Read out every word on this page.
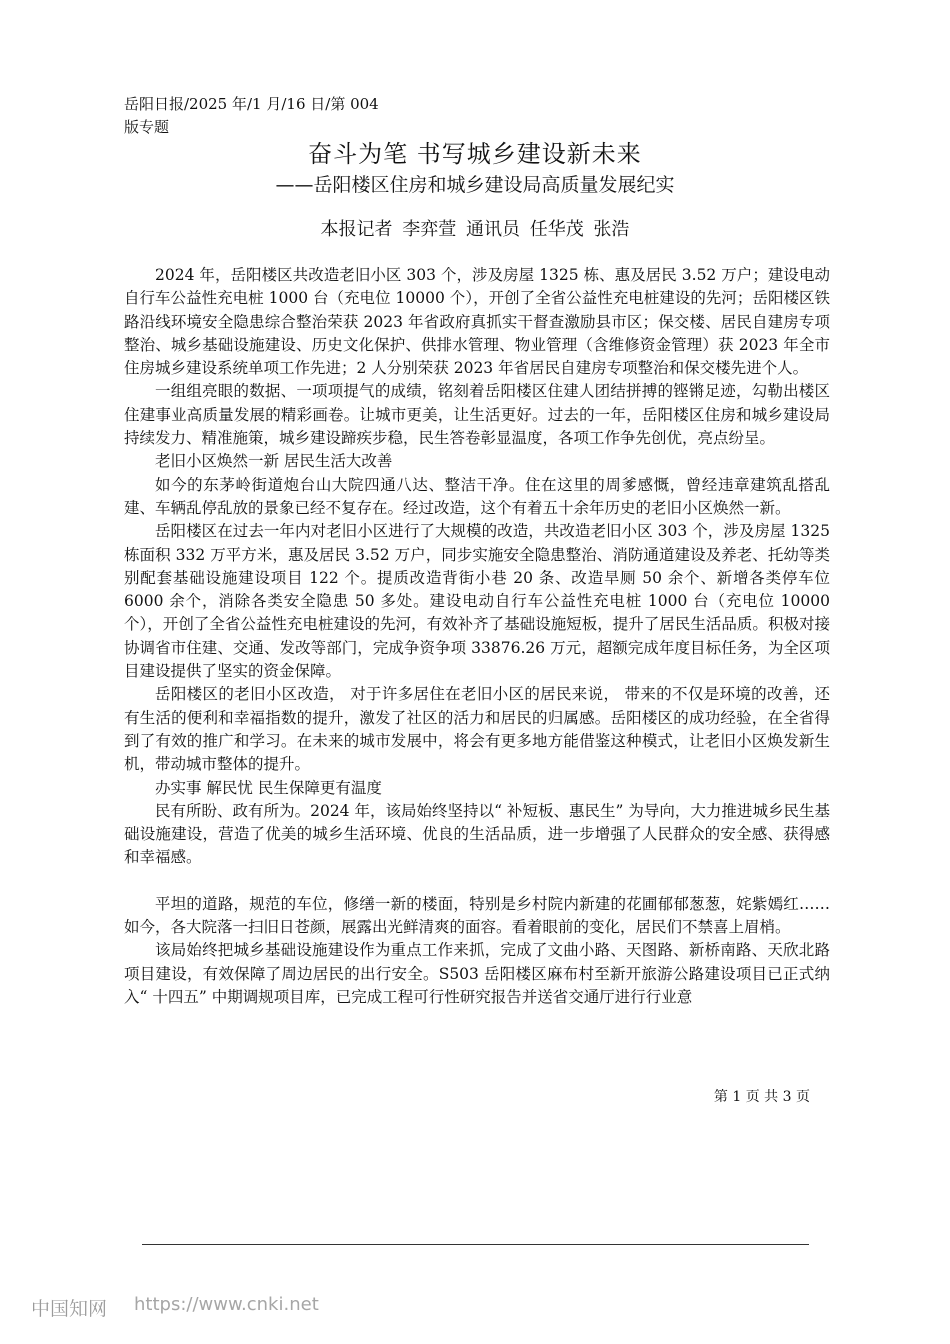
岳阳日报/2025 年/1 月/16 日/第 004 版专题
奋斗为笔 书写城乡建设新未来
——岳阳楼区住房和城乡建设局高质量发展纪实
本报记者 李弈萱 通讯员 任华茂 张浩

2024 年，岳阳楼区共改造老旧小区 303 个，涉及房屋 1325 栋、惠及居民 3.52 万户；建设电动自行车公益性充电桩 1000 台（充电位 10000 个），开创了全省公益性充电桩建设的先河；岳阳楼区铁路沿线环境安全隐患综合整治荣获 2023 年省政府真抓实干督查激励县市区；保交楼、居民自建房专项整治、城乡基础设施建设、历史文化保护、供排水管理、物业管理（含维修资金管理）获 2023 年全市住房城乡建设系统单项工作先进；2 人分别荣获 2023 年省居民自建房专项整治和保交楼先进个人。

一组组亮眼的数据、一项项提气的成绩，铭刻着岳阳楼区住建人团结拼搏的铿锵足迹，勾勒出楼区住建事业高质量发展的精彩画卷。让城市更美，让生活更好。过去的一年，岳阳楼区住房和城乡建设局持续发力、精准施策，城乡建设蹄疾步稳，民生答卷彰显温度，各项工作争先创优，亮点纷呈。

老旧小区焕然一新 居民生活大改善

如今的东茅岭街道炮台山大院四通八达、整洁干净。住在这里的周爹感慨，曾经违章建筑乱搭乱建、车辆乱停乱放的景象已经不复存在。经过改造，这个有着五十余年历史的老旧小区焕然一新。

岳阳楼区在过去一年内对老旧小区进行了大规模的改造，共改造老旧小区 303 个，涉及房屋 1325 栋面积 332 万平方米，惠及居民 3.52 万户，同步实施安全隐患整治、消防通道建设及养老、托幼等类别配套基础设施建设项目 122 个。提质改造背街小巷 20 条、改造旱厕 50 余个、新增各类停车位 6000 余个，消除各类安全隐患 50 多处。建设电动自行车公益性充电桩 1000 台（充电位 10000 个），开创了全省公益性充电桩建设的先河，有效补齐了基础设施短板，提升了居民生活品质。积极对接协调省市住建、交通、发改等部门，完成争资争项 33876.26 万元，超额完成年度目标任务，为全区项目建设提供了坚实的资金保障。

岳阳楼区的老旧小区改造， 对于许多居住在老旧小区的居民来说， 带来的不仅是环境的改善，还有生活的便利和幸福指数的提升，激发了社区的活力和居民的归属感。岳阳楼区的成功经验，在全省得到了有效的推广和学习。在未来的城市发展中，将会有更多地方能借鉴这种模式，让老旧小区焕发新生机，带动城市整体的提升。

办实事 解民忧 民生保障更有温度

民有所盼、政有所为。2024 年，该局始终坚持以“ 补短板、惠民生” 为导向，大力推进城乡民生基础设施建设，营造了优美的城乡生活环境、优良的生活品质，进一步增强了人民群众的安全感、获得感和幸福感。

平坦的道路，规范的车位，修缮一新的楼面，特别是乡村院内新建的花圃郁郁葱葱，姹紫嫣红……如今，各大院落一扫旧日苍颜，展露出光鲜清爽的面容。看着眼前的变化，居民们不禁喜上眉梢。

该局始终把城乡基础设施建设作为重点工作来抓，完成了文曲小路、天图路、新桥南路、天欣北路项目建设，有效保障了周边居民的出行安全。S503 岳阳楼区麻布村至新开旅游公路建设项目已正式纳入“ 十四五” 中期调规项目库，已完成工程可行性研究报告并送省交通厅进行行业意

第 1 页 共 3 页
中国知网 https://www.cnki.net
